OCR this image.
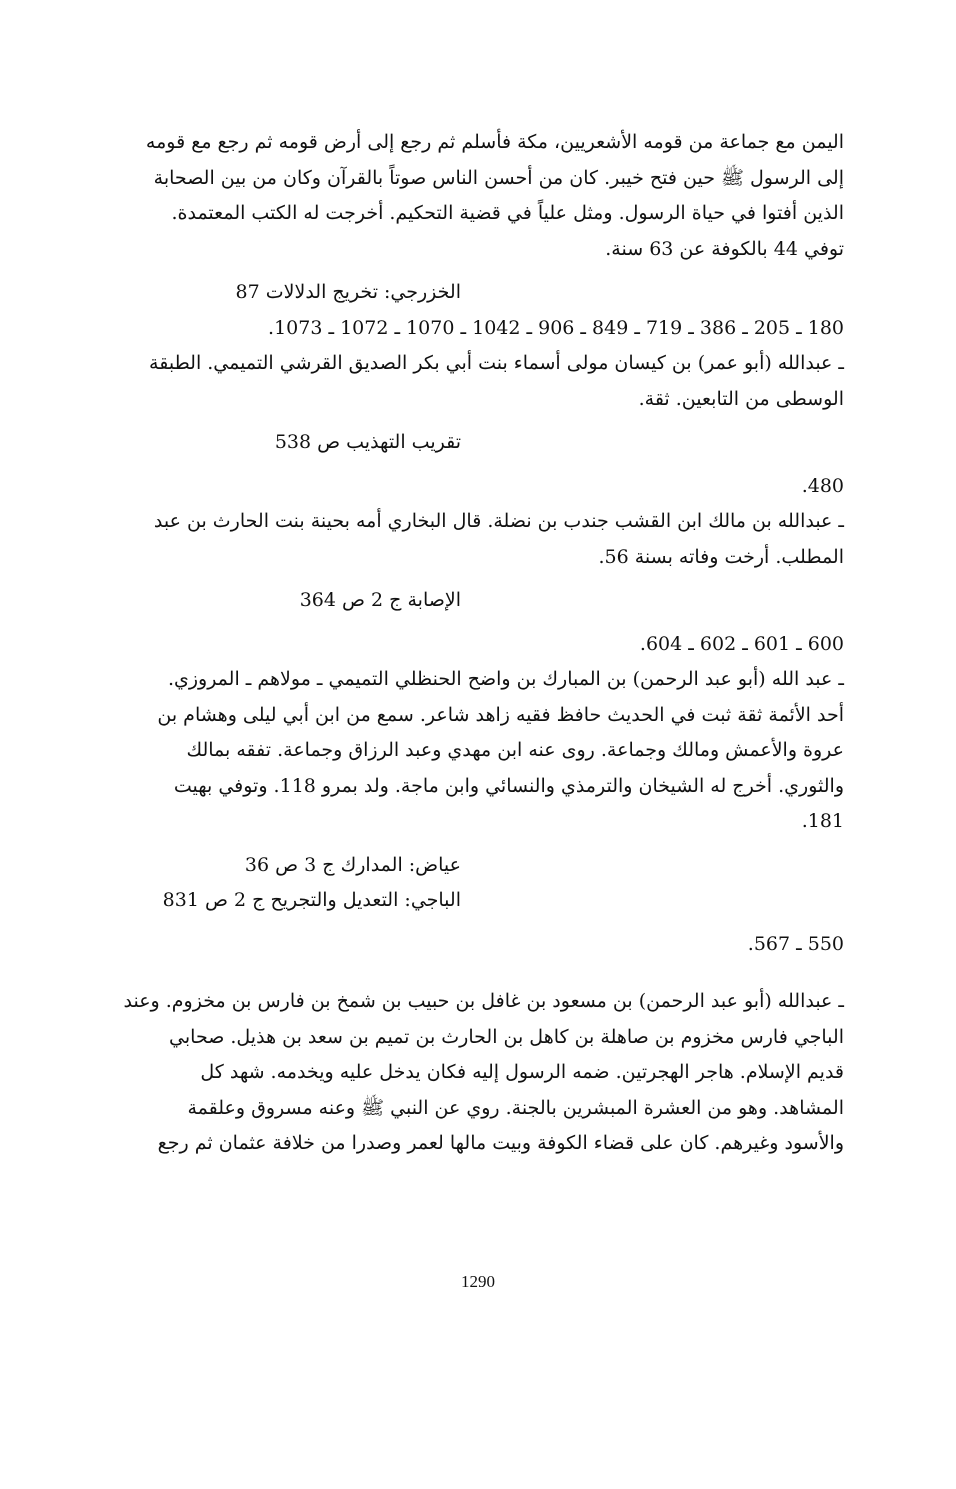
اليمن مع جماعة من قومه الأشعريين، مكة فأسلم ثم رجع إلى أرض قومه ثم رجع مع قومه

إلى الرسول ﷺ حين فتح خيبر. كان من أحسن الناس صوتاً بالقرآن وكان من بين الصحابة

الذين أفتوا في حياة الرسول. ومثل علياً في قضية التحكيم. أخرجت له الكتب المعتمدة.

توفي 44 بالكوفة عن 63 سنة.

الخزرجي: تخريج الدلالات 87

180 ـ 205 ـ 386 ـ 719 ـ 849 ـ 906 ـ 1042 ـ 1070 ـ 1072 ـ 1073.

ـ عبدالله (أبو عمر) بن كيسان مولى أسماء بنت أبي بكر الصديق القرشي التميمي. الطبقة

الوسطى من التابعين. ثقة.

تقريب التهذيب ص 538

480.

ـ عبدالله بن مالك ابن القشب جندب بن نضلة. قال البخاري أمه بحينة بنت الحارث بن عبد

المطلب. أرخت وفاته بسنة 56.

الإصابة ج 2 ص 364

600 ـ 601 ـ 602 ـ 604.

ـ عبد الله (أبو عبد الرحمن) بن المبارك بن واضح الحنظلي التميمي ـ مولاهم ـ المروزي.

أحد الأئمة ثقة ثبت في الحديث حافظ فقيه زاهد شاعر. سمع من ابن أبي ليلى وهشام بن

عروة والأعمش ومالك وجماعة. روى عنه ابن مهدي وعبد الرزاق وجماعة. تفقه بمالك

والثوري. أخرج له الشيخان والترمذي والنسائي وابن ماجة. ولد بمرو 118. وتوفي بهيت

181.

عياض: المدارك ج 3 ص 36

الباجي: التعديل والتجريح ج 2 ص 831

550 ـ 567.

ـ عبدالله (أبو عبد الرحمن) بن مسعود بن غافل بن حبيب بن شمخ بن فارس بن مخزوم. وعند

الباجي فارس مخزوم بن صاهلة بن كاهل بن الحارث بن تميم بن سعد بن هذيل. صحابي

قديم الإسلام. هاجر الهجرتين. ضمه الرسول إليه فكان يدخل عليه ويخدمه. شهد كل

المشاهد. وهو من العشرة المبشرين بالجنة. روي عن النبي ﷺ وعنه مسروق وعلقمة

والأسود وغيرهم. كان على قضاء الكوفة وبيت مالها لعمر وصدرا من خلافة عثمان ثم رجع

1290
